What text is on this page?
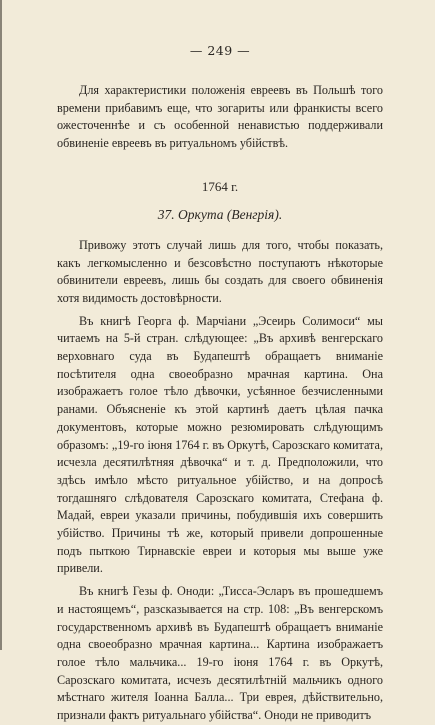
— 249 —

Для характеристики положенія евреевъ въ Польшѣ того времени прибавимъ еще, что зогариты или франкисты всего ожесточеннѣе и съ особенной ненавистью поддерживали обвиненіе евреевъ въ ритуальномъ убійствѣ.

1764 г.
37. Оркута (Венгрія).

Привожу этотъ случай лишь для того, чтобы показать, какъ легкомысленно и безсовѣстно поступаютъ нѣкоторые обвинители евреевъ, лишь бы создать для своего обвиненія хотя видимость достовѣрности.

Въ книгѣ Георга ф. Марчіани „Эсеирь Солимоси“ мы читаемъ на 5-й стран. слѣдующее: „Въ архивѣ венгерскаго верховнаго суда въ Будапештѣ обращаетъ вниманіе посѣтителя одна своеобразно мрачная картина. Она изображаетъ голое тѣло дѣвочки, усѣянное безчисленными ранами. Объясненіе къ этой картинѣ даетъ цѣлая пачка документовъ, которые можно резюмировать слѣдующимъ образомъ: „19-го іюня 1764 г. въ Оркутѣ, Сарозскаго комитата, исчезла десятилѣтняя дѣвочка“ и т. д. Предположили, что здѣсь имѣло мѣсто ритуальное убійство, и на допросѣ тогдашняго слѣдователя Сарозскаго комитата, Стефана ф. Мадай, евреи указали причины, побудившія ихъ совершить убійство. Причины тѣ же, который привели допрошенные подъ пыткою Тирнавскіе евреи и которыя мы выше уже привели.

Въ книгѣ Гезы ф. Оноди: „Тисса-Эсларъ въ прошедшемъ и настоящемъ“, разсказывается на стр. 108: „Въ венгерскомъ государственномъ архивѣ въ Будапештѣ обращаетъ вниманіе одна своеобразно мрачная картина... Картина изображаетъ голое тѣло мальчика... 19-го іюня 1764 г. въ Оркутѣ, Сарозскаго комитата, исчезъ десятилѣтній мальчикъ одного мѣстнаго жителя Іоанна Балла... Три еврея, дѣйствительно, признали фактъ ритуальнаго убійства“. Оноди не приводитъ
